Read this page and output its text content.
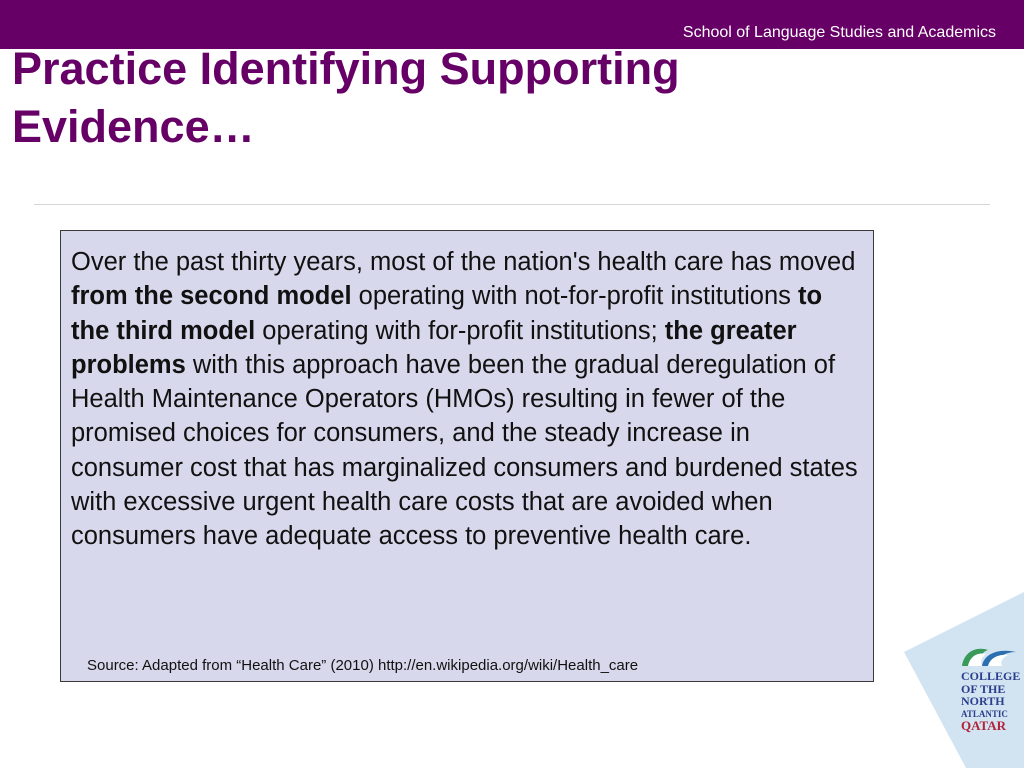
School of Language Studies and Academics
Practice Identifying Supporting
Evidence…

Over the past thirty years, most of the nation's health care has moved from the second model operating with not-for-profit institutions to the third model operating with for-profit institutions; the greater problems with this approach have been the gradual deregulation of Health Maintenance Operators (HMOs) resulting in fewer of the promised choices for consumers, and the steady increase in consumer cost that has marginalized consumers and burdened states with excessive urgent health care costs that are avoided when consumers have adequate access to preventive health care.

Source: Adapted from “Health Care” (2010) http://en.wikipedia.org/wiki/Health_care
COLLEGE
OF THE
NORTH
ATLANTIC
QATAR
